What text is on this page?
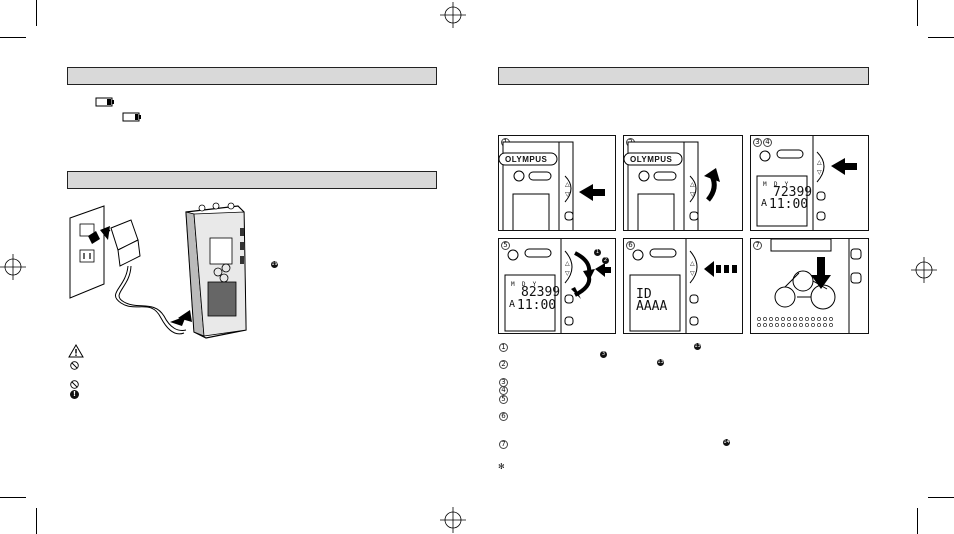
19
!
△
▽
OLYMPUS
△
▽
OLYMPUS
3 4
△
▽
M  D  Y
72399
A 11:00
5
△
▽
1
2
M  D  Y
82399
A 11:00
6
△
▽
ID
AAAA
7
1
2
3
4
5
6
7
13
3
13
14
✻
